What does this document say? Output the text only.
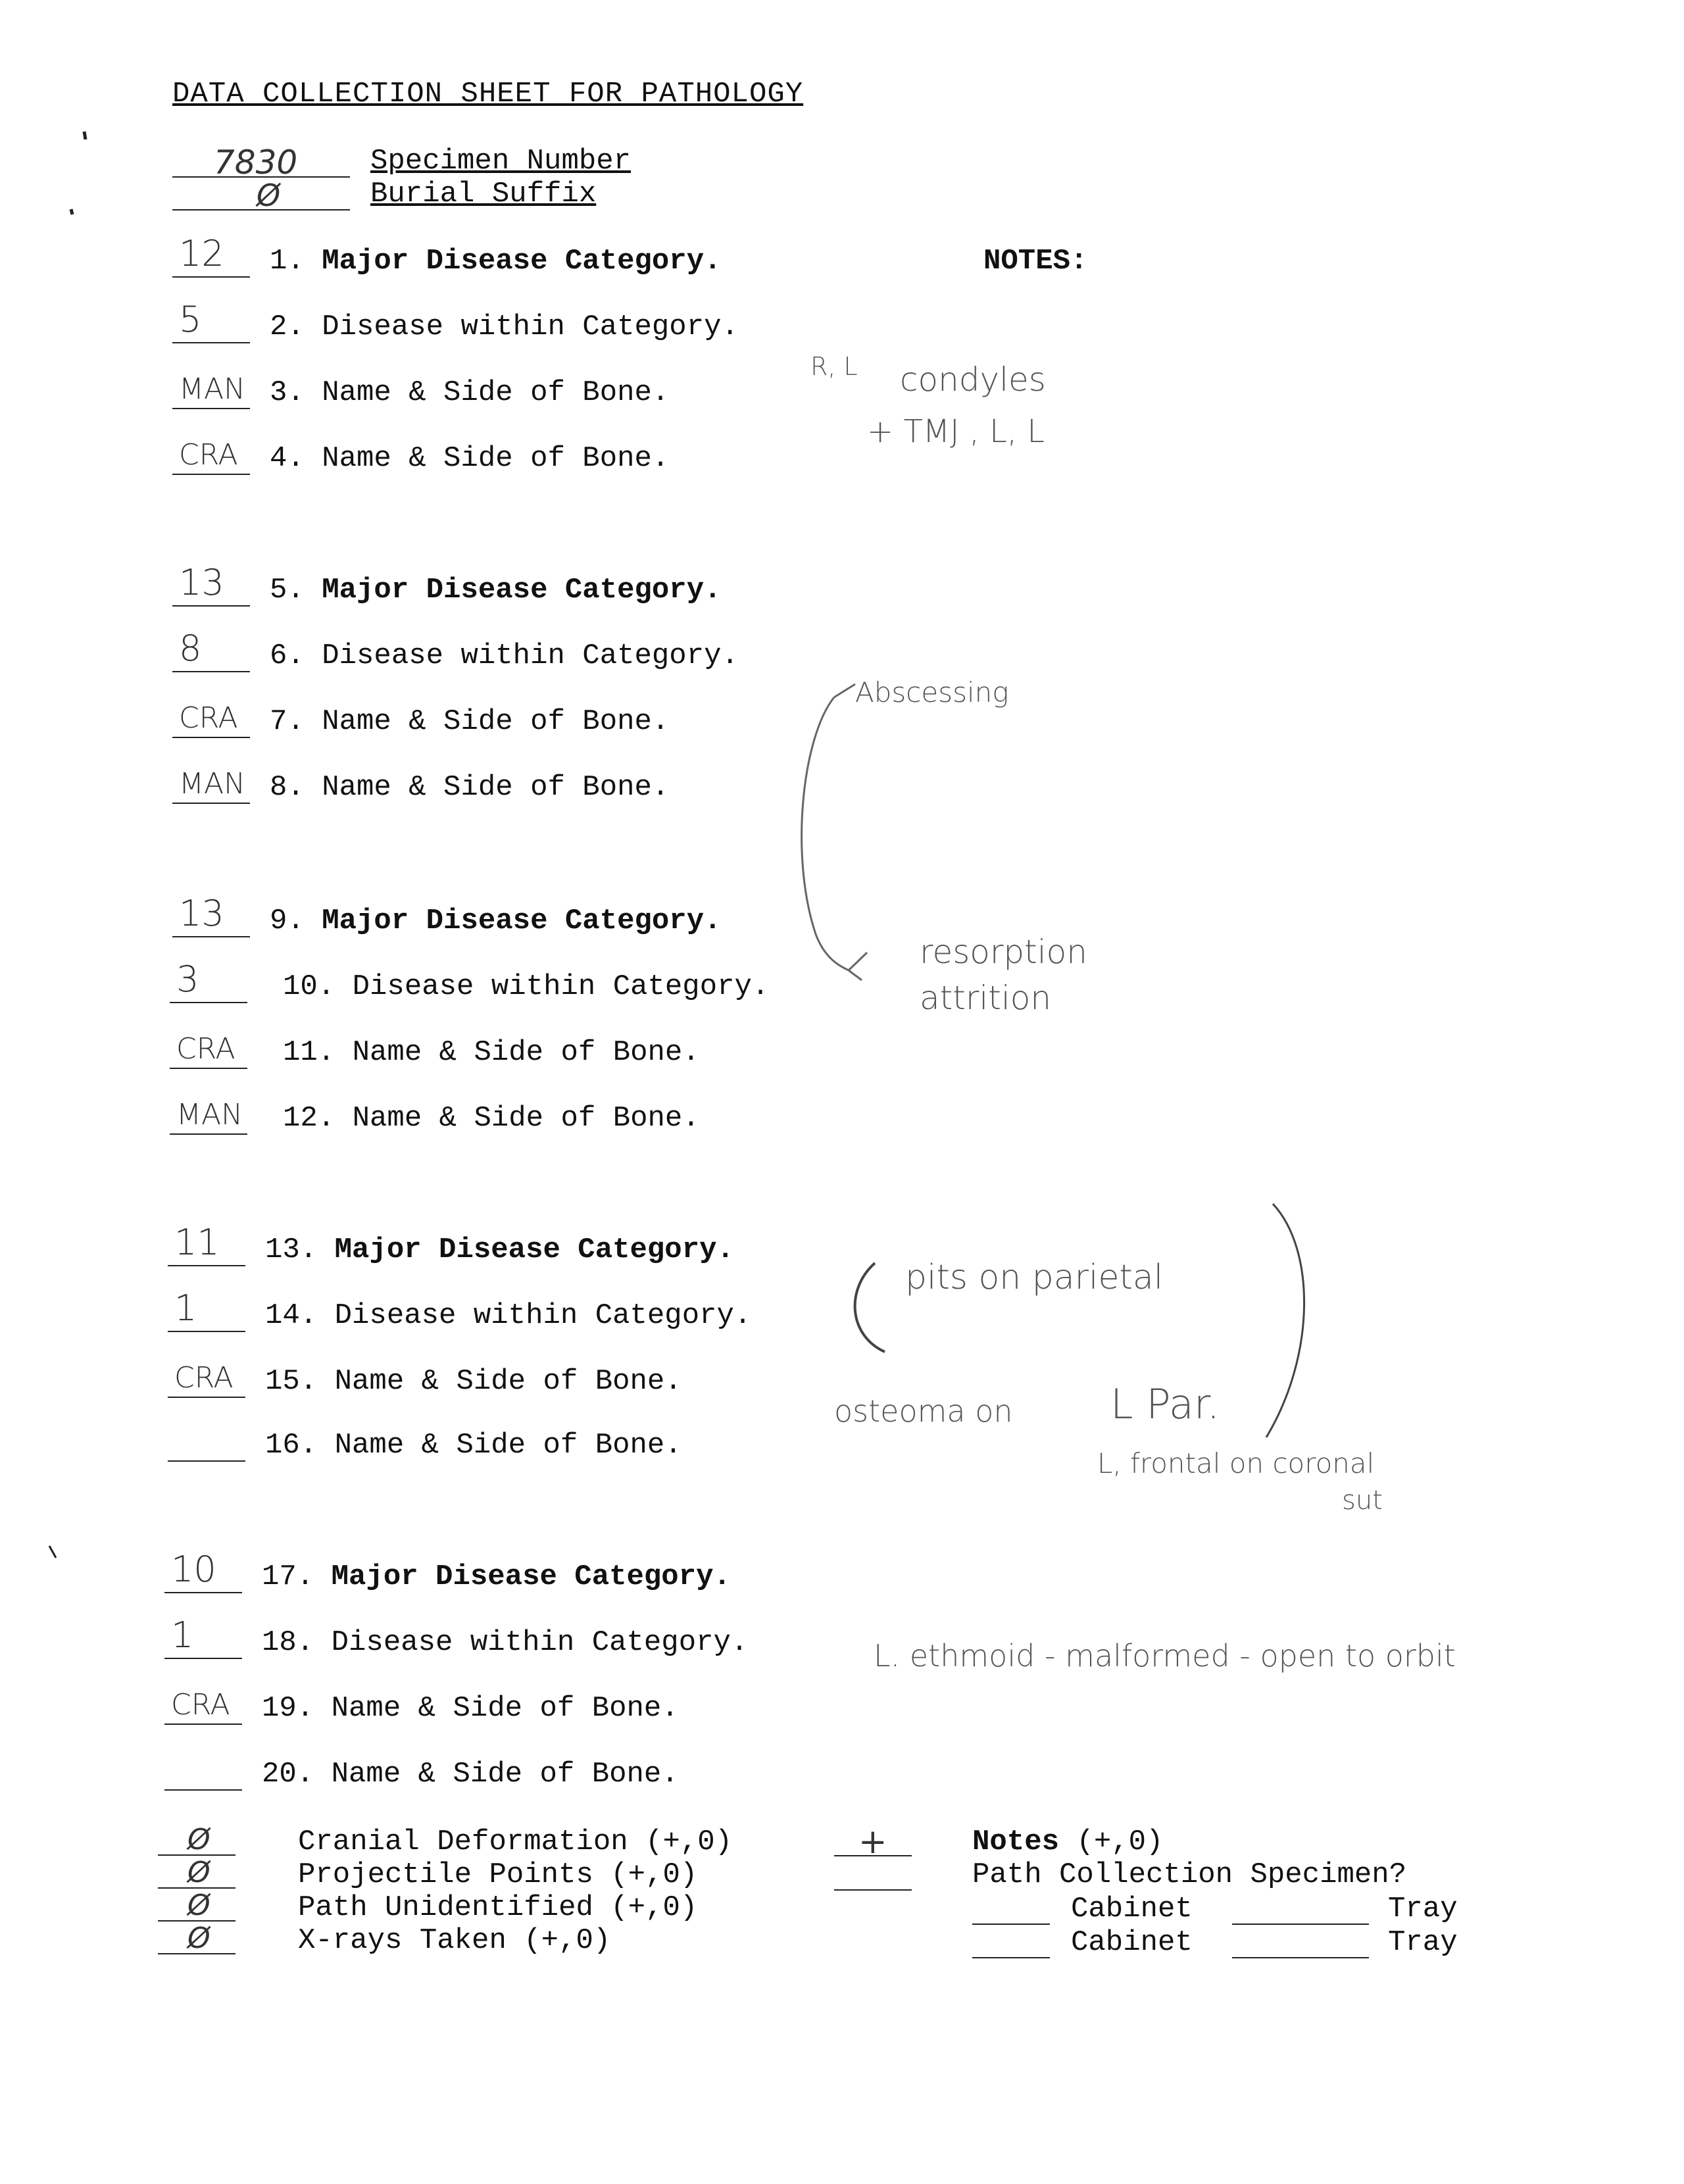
DATA COLLECTION SHEET FOR PATHOLOGY
7830	Specimen Number
Ø	Burial Suffix
NOTES:
12 1. Major Disease Category.
5 2. Disease within Category.
MAN 3. Name & Side of Bone.
CRA 4. Name & Side of Bone.
13 5. Major Disease Category.
8 6. Disease within Category.
CRA 7. Name & Side of Bone.
MAN 8. Name & Side of Bone.
13 9. Major Disease Category.
3	10. Disease within Category.
CRA 11. Name & Side of Bone.
MAN 12. Name & Side of Bone.
11 13. Major Disease Category.
1 14. Disease within Category.
CRA 15. Name & Side of Bone.
16. Name & Side of Bone.
10 17. Major Disease Category.
1 18. Disease within Category.
CRA 19. Name & Side of Bone.
20. Name & Side of Bone.
R, L condyles
+ TMJ , L, L
Abscessing
resorption
attrition
pits on parietal
osteoma on L Par.
L, frontal on coronal
sut
L. ethmoid - malformed - open to orbit
Ø	Cranial Deformation (+,0)
Ø	Projectile Points (+,0)
Ø	Path Unidentified (+,0)
Ø	X-rays Taken (+,0)
+	Notes (+,0)
Path Collection Specimen?
Cabinet	Tray
Cabinet	Tray
